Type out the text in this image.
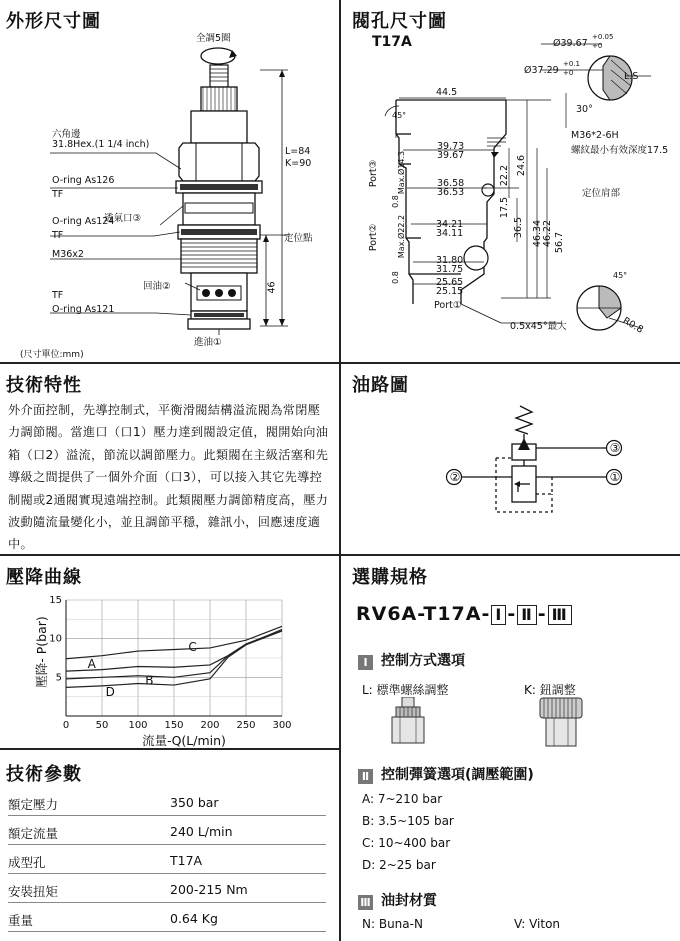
外形尺寸圖
全調5圈
六角邊
31.8Hex.(1 1/4 inch)
O-ring As126
TF
O-ring As124
透氣口③
TF
M36x2
回油②
TF
O-ring As121
進油①
L=84
K=90
定位點
46
(尺寸單位:mm)
閥孔尺寸圖
T17A	Ø39.67
+0.05
+0
Ø37.29
+0.1
+0	L.S
30°
44.5
45°
M36*2-6H
螺紋最小有效深度17.5
39.73
39.67
Port③ Max.Ø14.3	36.58
36.53	定位肩部
0.8	17.5
22.2 24.6
34.21
34.11
Port② Max.Ø22.2	36.5 46.34 46.22 56.7
31.80
31.75
0.8	25.65
25.15
Port①
45°
0.5x45°最大	R0.8
技術特性
外介面控制，先導控制式，平衡滑閥結構溢流閥為常閉壓力調節閥。當進口（口1）壓力達到閥設定值，閥開始向油箱（口2）溢流，節流以調節壓力。此類閥在主級活塞和先導級之間提供了一個外介面（口3），可以接入其它先導控制閥或2通閥實現遠端控制。此類閥壓力調節精度高，壓力波動隨流量變化小，並且調節平穩，雜訊小，回應速度適中。
油路圖
②	①
③
壓降曲線
0	50 100 150 200 250 300
5
10
15
流量-Q(L/min)
壓降- P(bar)	A
C
B
D
技術參數
額定壓力	350 bar
額定流量	240 L/min
成型孔	T17A
安裝扭矩	200-215 Nm
重量	0.64 Kg
選購規格
RV6A-T17A- Ⅰ - Ⅱ - Ⅲ
Ⅰ 控制方式選項
L: 標準螺絲調整	K: 鈕調整
Ⅱ 控制彈簧選項(調壓範圍)
A: 7~210 bar
B: 3.5~105 bar
C: 10~400 bar
D: 2~25 bar
Ⅲ 油封材質
N: Buna-N	V: Viton
